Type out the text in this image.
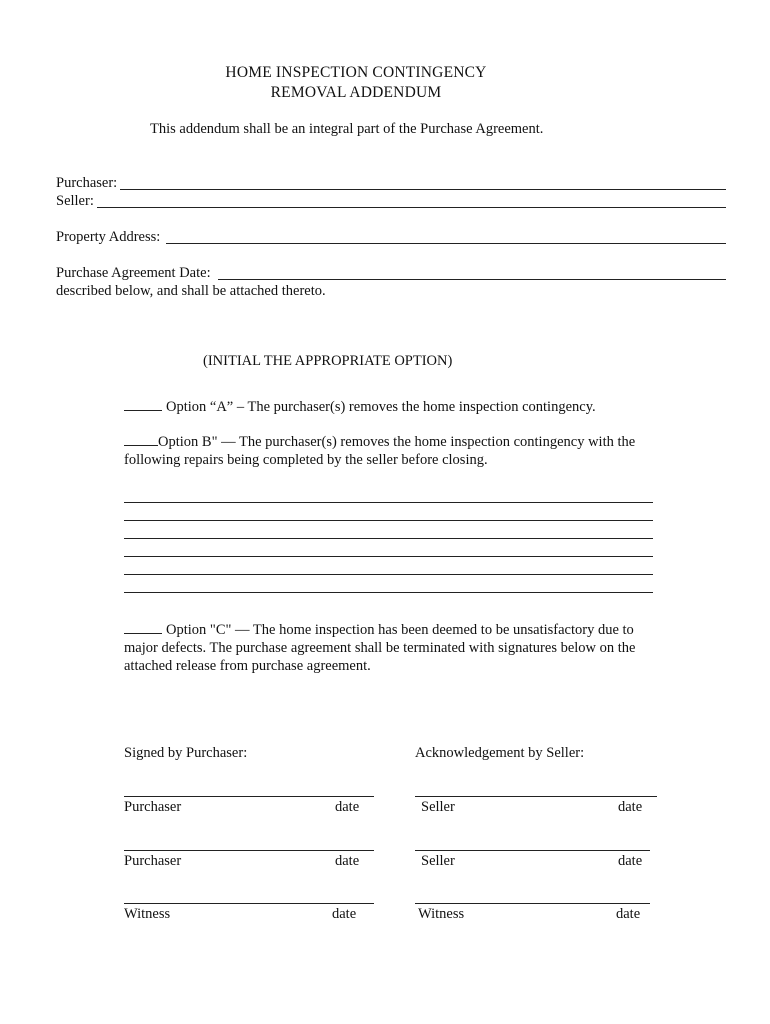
HOME INSPECTION CONTINGENCY
REMOVAL ADDENDUM
This addendum shall be an integral part of the Purchase Agreement.
Purchaser:
Seller:
Property Address:
Purchase Agreement Date:
described below, and shall be attached thereto.
(INITIAL THE APPROPRIATE OPTION)
Option “A” – The purchaser(s) removes the home inspection contingency.
Option B" — The purchaser(s) removes the home inspection contingency with the following repairs being completed by the seller before closing.
Option "C" — The home inspection has been deemed to be unsatisfactory due to major defects. The purchase agreement shall be terminated with signatures below on the attached release from purchase agreement.
Signed by Purchaser:	Acknowledgement by Seller:
Purchaser	date	Seller	date
Purchaser	date	Seller	date
Witness	date	Witness	date
